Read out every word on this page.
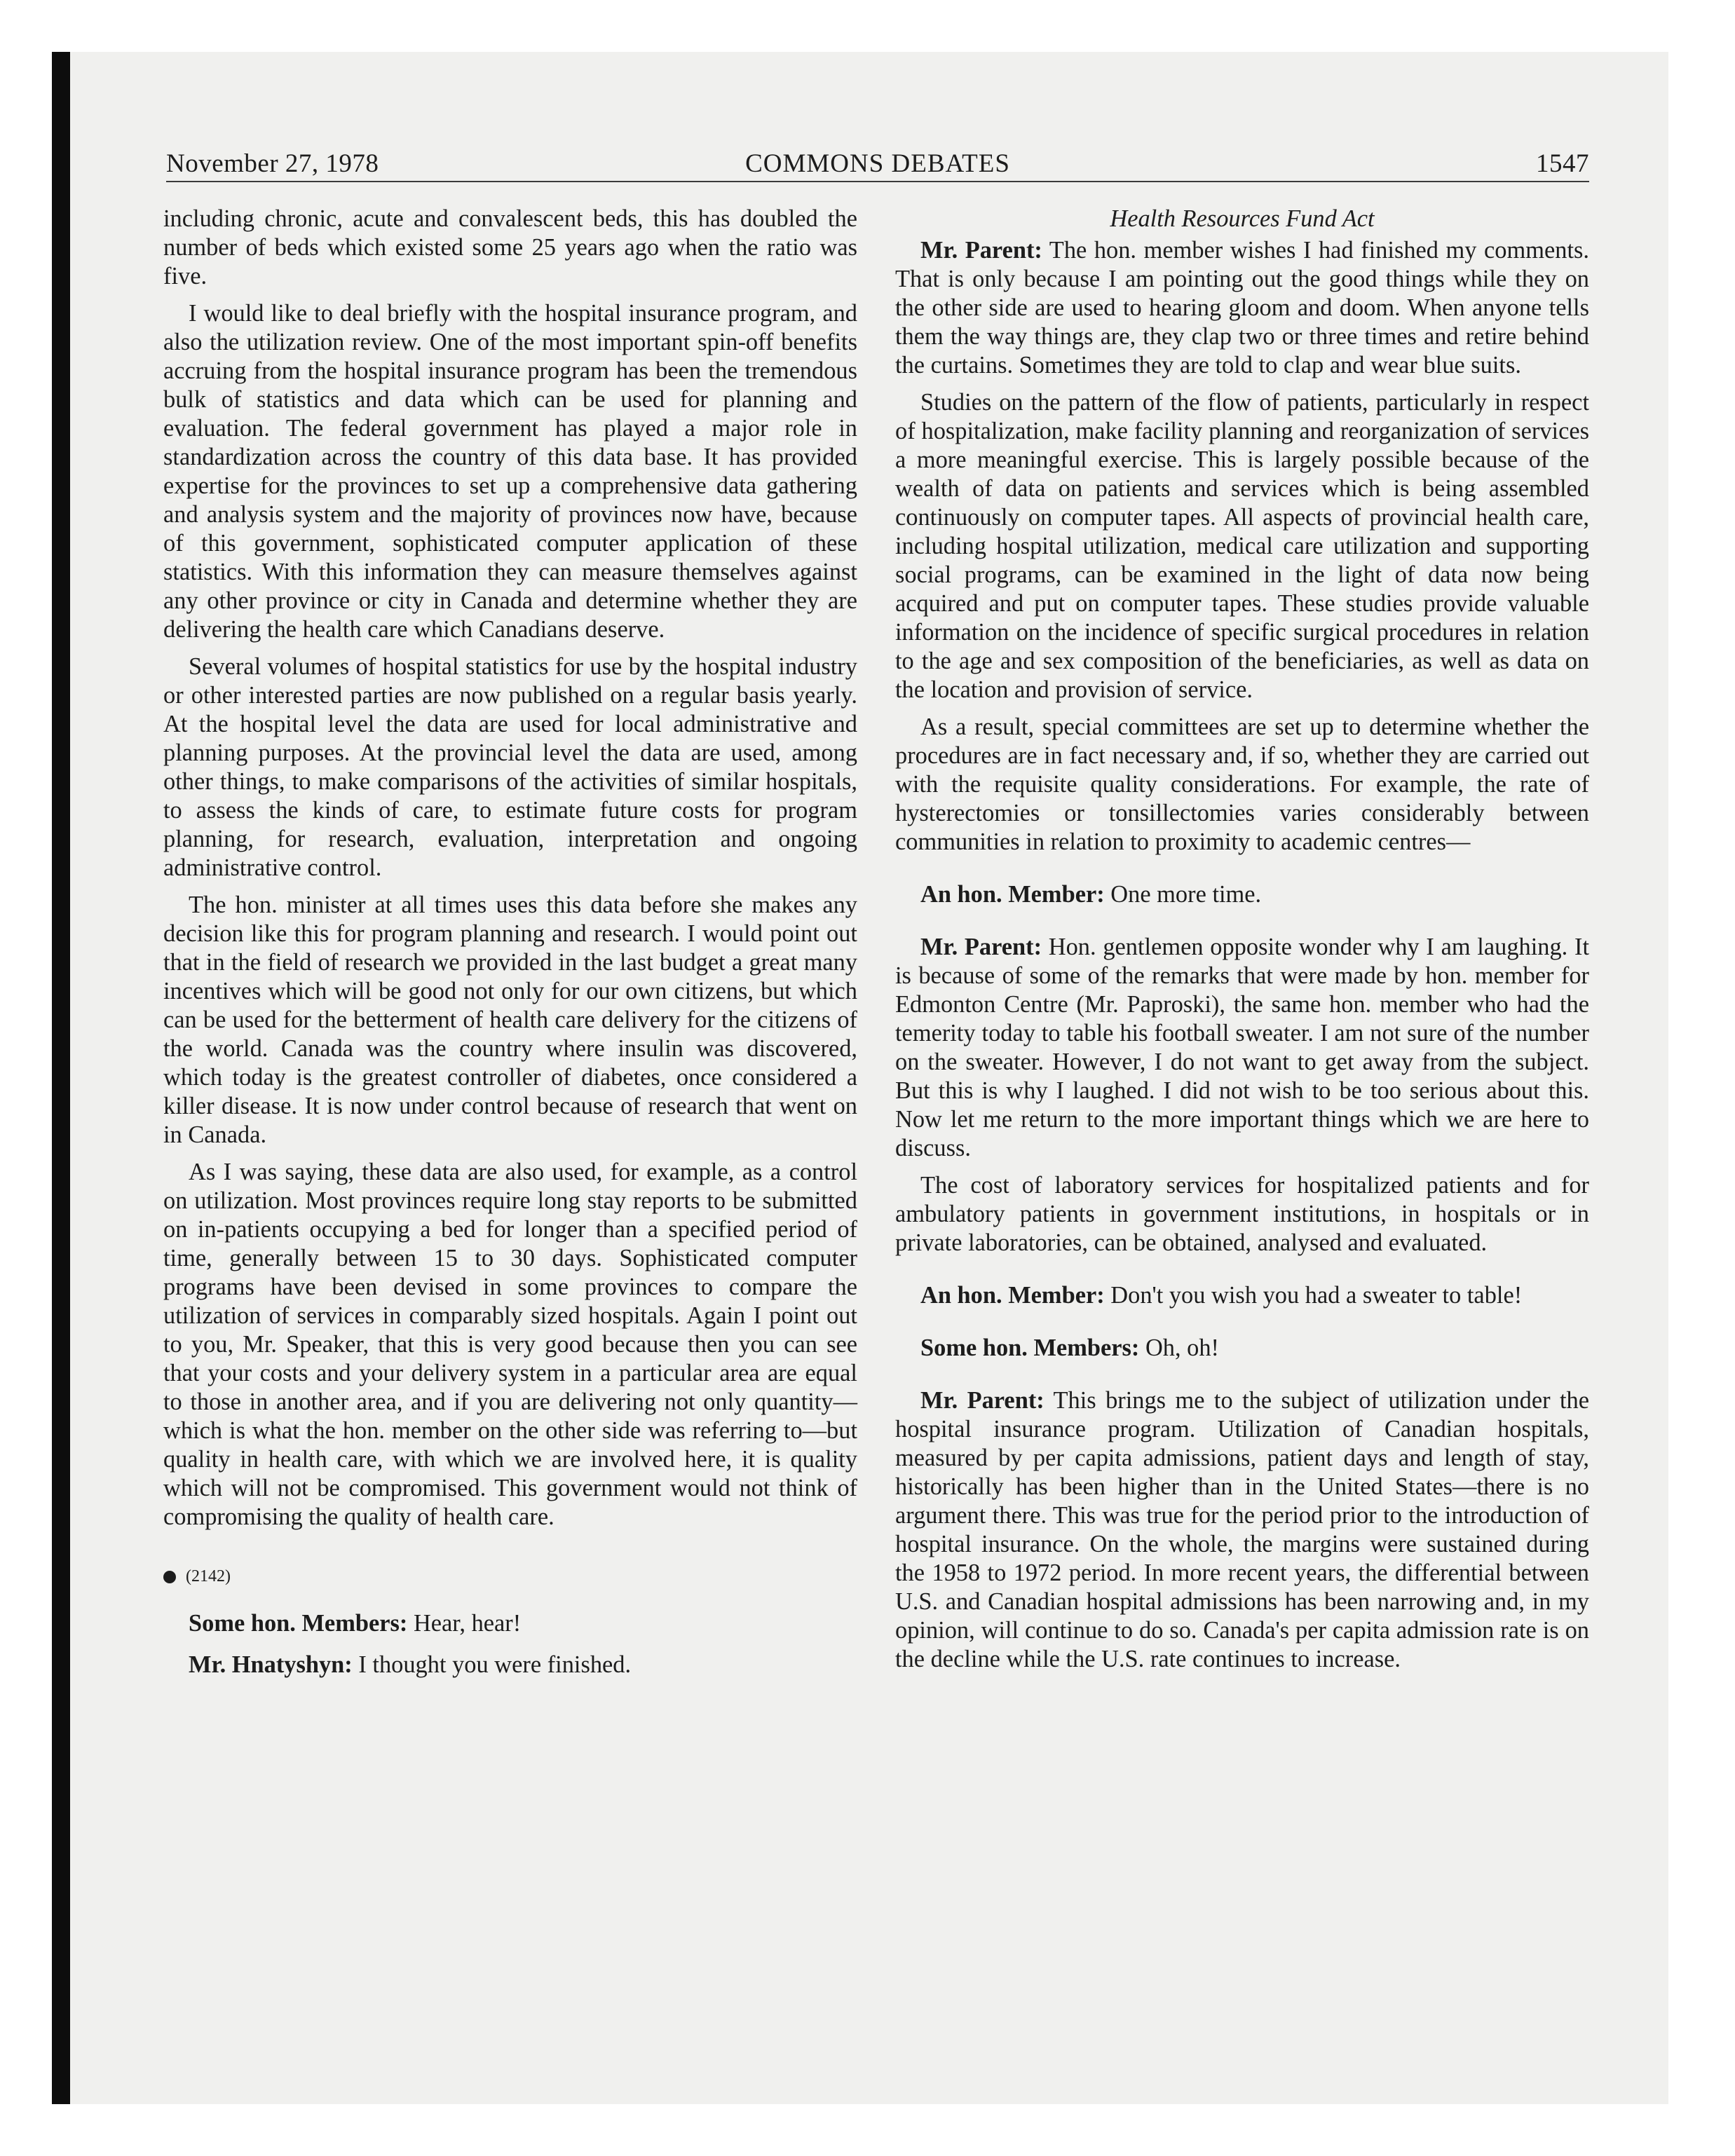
November 27, 1978	COMMONS DEBATES	1547

including chronic, acute and convalescent beds, this has doubled the number of beds which existed some 25 years ago when the ratio was five.

I would like to deal briefly with the hospital insurance program, and also the utilization review. One of the most important spin-off benefits accruing from the hospital insurance program has been the tremendous bulk of statistics and data which can be used for planning and evaluation. The federal government has played a major role in standardization across the country of this data base. It has provided expertise for the provinces to set up a comprehensive data gathering and analysis system and the majority of provinces now have, because of this government, sophisticated computer application of these statistics. With this information they can measure themselves against any other province or city in Canada and determine whether they are delivering the health care which Canadians deserve.

Several volumes of hospital statistics for use by the hospital industry or other interested parties are now published on a regular basis yearly. At the hospital level the data are used for local administrative and planning purposes. At the provincial level the data are used, among other things, to make comparisons of the activities of similar hospitals, to assess the kinds of care, to estimate future costs for program planning, for research, evaluation, interpretation and ongoing administrative control.

The hon. minister at all times uses this data before she makes any decision like this for program planning and research. I would point out that in the field of research we provided in the last budget a great many incentives which will be good not only for our own citizens, but which can be used for the betterment of health care delivery for the citizens of the world. Canada was the country where insulin was discovered, which today is the greatest controller of diabetes, once considered a killer disease. It is now under control because of research that went on in Canada.

As I was saying, these data are also used, for example, as a control on utilization. Most provinces require long stay reports to be submitted on in-patients occupying a bed for longer than a specified period of time, generally between 15 to 30 days. Sophisticated computer programs have been devised in some provinces to compare the utilization of services in comparably sized hospitals. Again I point out to you, Mr. Speaker, that this is very good because then you can see that your costs and your delivery system in a particular area are equal to those in another area, and if you are delivering not only quantity—which is what the hon. member on the other side was referring to—but quality in health care, with which we are involved here, it is quality which will not be compromised. This government would not think of compromising the quality of health care.

(2142)

Some hon. Members: Hear, hear!

Mr. Hnatyshyn: I thought you were finished.

Health Resources Fund Act

Mr. Parent: The hon. member wishes I had finished my comments. That is only because I am pointing out the good things while they on the other side are used to hearing gloom and doom. When anyone tells them the way things are, they clap two or three times and retire behind the curtains. Sometimes they are told to clap and wear blue suits.

Studies on the pattern of the flow of patients, particularly in respect of hospitalization, make facility planning and reorganization of services a more meaningful exercise. This is largely possible because of the wealth of data on patients and services which is being assembled continuously on computer tapes. All aspects of provincial health care, including hospital utilization, medical care utilization and supporting social programs, can be examined in the light of data now being acquired and put on computer tapes. These studies provide valuable information on the incidence of specific surgical procedures in relation to the age and sex composition of the beneficiaries, as well as data on the location and provision of service.

As a result, special committees are set up to determine whether the procedures are in fact necessary and, if so, whether they are carried out with the requisite quality considerations. For example, the rate of hysterectomies or tonsillectomies varies considerably between communities in relation to proximity to academic centres—

An hon. Member: One more time.

Mr. Parent: Hon. gentlemen opposite wonder why I am laughing. It is because of some of the remarks that were made by hon. member for Edmonton Centre (Mr. Paproski), the same hon. member who had the temerity today to table his football sweater. I am not sure of the number on the sweater. However, I do not want to get away from the subject. But this is why I laughed. I did not wish to be too serious about this. Now let me return to the more important things which we are here to discuss.

The cost of laboratory services for hospitalized patients and for ambulatory patients in government institutions, in hospitals or in private laboratories, can be obtained, analysed and evaluated.

An hon. Member: Don't you wish you had a sweater to table!

Some hon. Members: Oh, oh!

Mr. Parent: This brings me to the subject of utilization under the hospital insurance program. Utilization of Canadian hospitals, measured by per capita admissions, patient days and length of stay, historically has been higher than in the United States—there is no argument there. This was true for the period prior to the introduction of hospital insurance. On the whole, the margins were sustained during the 1958 to 1972 period. In more recent years, the differential between U.S. and Canadian hospital admissions has been narrowing and, in my opinion, will continue to do so. Canada's per capita admission rate is on the decline while the U.S. rate continues to increase.
